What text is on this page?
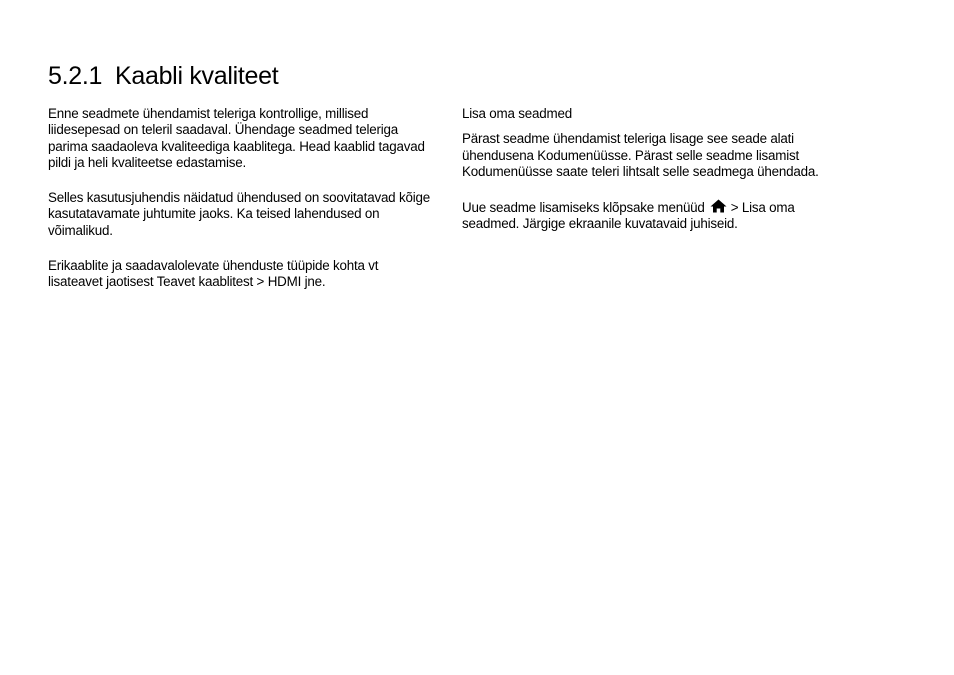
5.2.1 Kaabli kvaliteet

Enne seadmete ühendamist teleriga kontrollige, millised liidesepesad on teleril saadaval. Ühendage seadmed teleriga parima saadaoleva kvaliteediga kaablitega. Head kaablid tagavad pildi ja heli kvaliteetse edastamise.

Selles kasutusjuhendis näidatud ühendused on soovitatavad kõige kasutatavamate juhtumite jaoks. Ka teised lahendused on võimalikud.

Erikaablite ja saadavalolevate ühenduste tüüpide kohta vt lisateavet jaotisest Teavet kaablitest > HDMI jne.

Lisa oma seadmed

Pärast seadme ühendamist teleriga lisage see seade alati ühendusena Kodumenüüsse. Pärast selle seadme lisamist Kodumenüüsse saate teleri lihtsalt selle seadmega ühendada.

Uue seadme lisamiseks klõpsake menüüd > Lisa oma seadmed. Järgige ekraanile kuvatavaid juhiseid.
